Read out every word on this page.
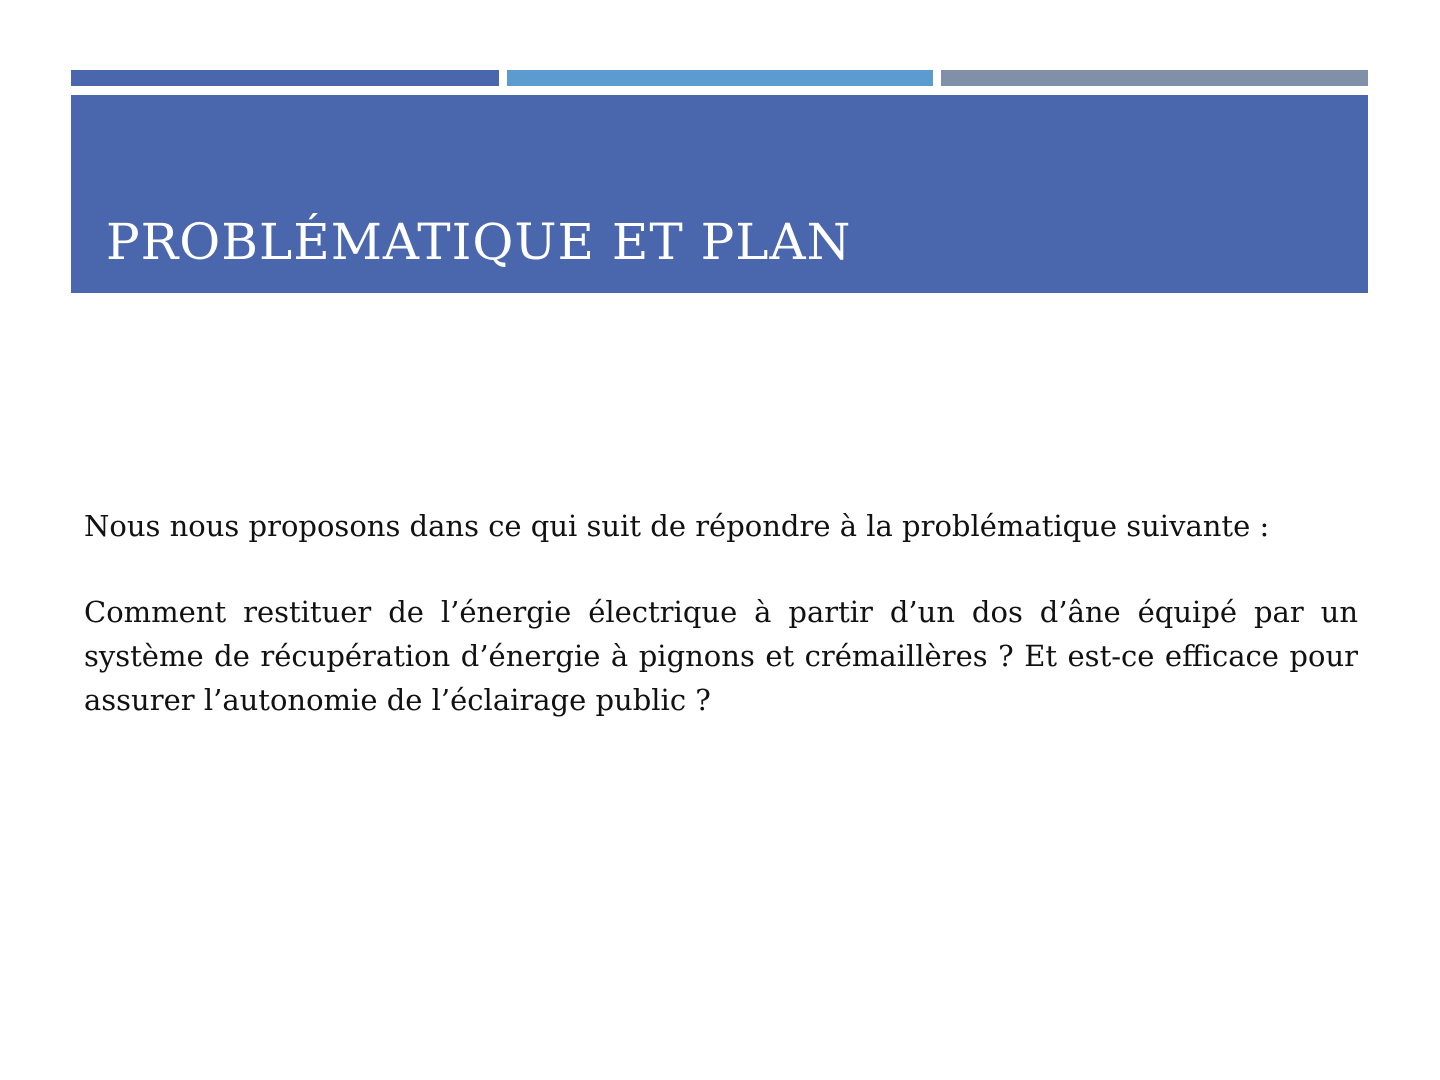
PROBLÉMATIQUE ET PLAN

Nous nous proposons dans ce qui suit de répondre à la problématique suivante :

Comment restituer de l’énergie électrique à partir d’un dos d’âne équipé par un système de récupération d’énergie à pignons et crémaillères ? Et est-ce efficace pour assurer l’autonomie de l’éclairage public ?
